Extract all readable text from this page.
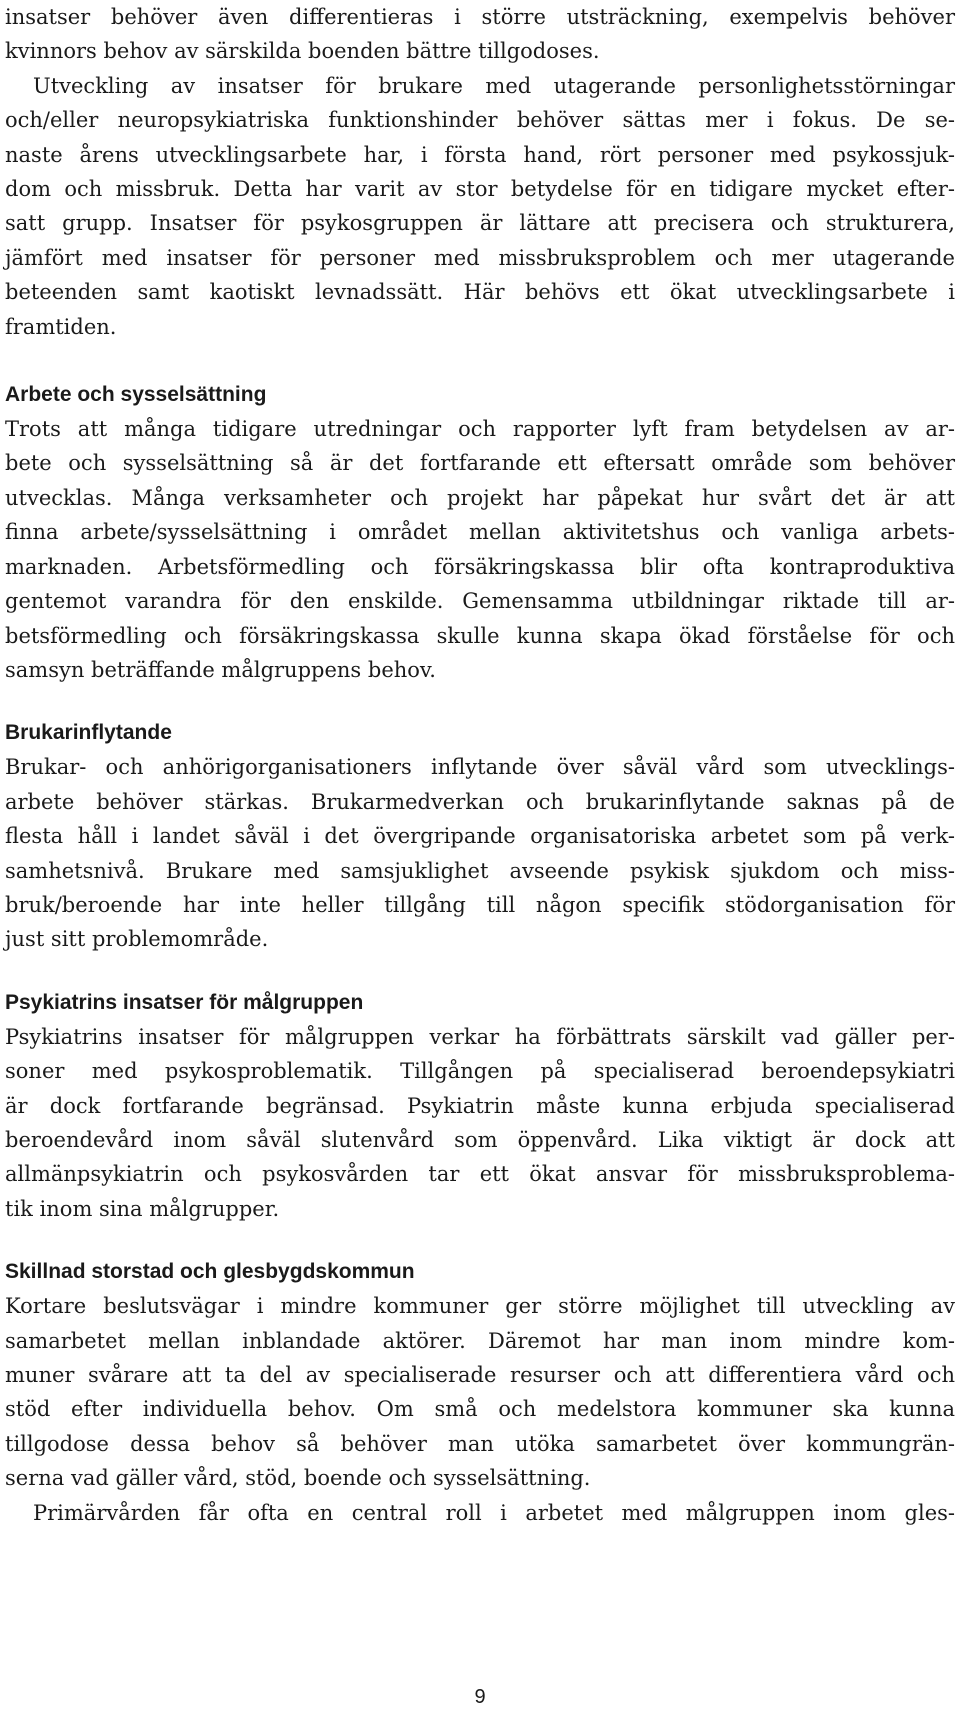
insatser behöver även differentieras i större utsträckning, exempelvis behöver
kvinnors behov av särskilda boenden bättre tillgodoses.
Utveckling av insatser för brukare med utagerande personlighetsstörningar
och/eller neuropsykiatriska funktionshinder behöver sättas mer i fokus. De se-
naste årens utvecklingsarbete har, i första hand, rört personer med psykossjuk-
dom och missbruk. Detta har varit av stor betydelse för en tidigare mycket efter-
satt grupp. Insatser för psykosgruppen är lättare att precisera och strukturera,
jämfört med insatser för personer med missbruksproblem och mer utagerande
beteenden samt kaotiskt levnadssätt. Här behövs ett ökat utvecklingsarbete i
framtiden.
Arbete och sysselsättning
Trots att många tidigare utredningar och rapporter lyft fram betydelsen av ar-
bete och sysselsättning så är det fortfarande ett eftersatt område som behöver
utvecklas. Många verksamheter och projekt har påpekat hur svårt det är att
finna arbete/sysselsättning i området mellan aktivitetshus och vanliga arbets-
marknaden. Arbetsförmedling och försäkringskassa blir ofta kontraproduktiva
gentemot varandra för den enskilde. Gemensamma utbildningar riktade till ar-
betsförmedling och försäkringskassa skulle kunna skapa ökad förståelse för och
samsyn beträffande målgruppens behov.
Brukarinflytande
Brukar- och anhörigorganisationers inflytande över såväl vård som utvecklings-
arbete behöver stärkas. Brukarmedverkan och brukarinflytande saknas på de
flesta håll i landet såväl i det övergripande organisatoriska arbetet som på verk-
samhetsnivå. Brukare med samsjuklighet avseende psykisk sjukdom och miss-
bruk/beroende har inte heller tillgång till någon specifik stödorganisation för
just sitt problemområde.
Psykiatrins insatser för målgruppen
Psykiatrins insatser för målgruppen verkar ha förbättrats särskilt vad gäller per-
soner med psykosproblematik. Tillgången på specialiserad beroendepsykiatri
är dock fortfarande begränsad. Psykiatrin måste kunna erbjuda specialiserad
beroendevård inom såväl slutenvård som öppenvård. Lika viktigt är dock att
allmänpsykiatrin och psykosvården tar ett ökat ansvar för missbruksproblema-
tik inom sina målgrupper.
Skillnad storstad och glesbygdskommun
Kortare beslutsvägar i mindre kommuner ger större möjlighet till utveckling av
samarbetet mellan inblandade aktörer. Däremot har man inom mindre kom-
muner svårare att ta del av specialiserade resurser och att differentiera vård och
stöd efter individuella behov. Om små och medelstora kommuner ska kunna
tillgodose dessa behov så behöver man utöka samarbetet över kommungrän-
serna vad gäller vård, stöd, boende och sysselsättning.
Primärvården får ofta en central roll i arbetet med målgruppen inom gles-
9
